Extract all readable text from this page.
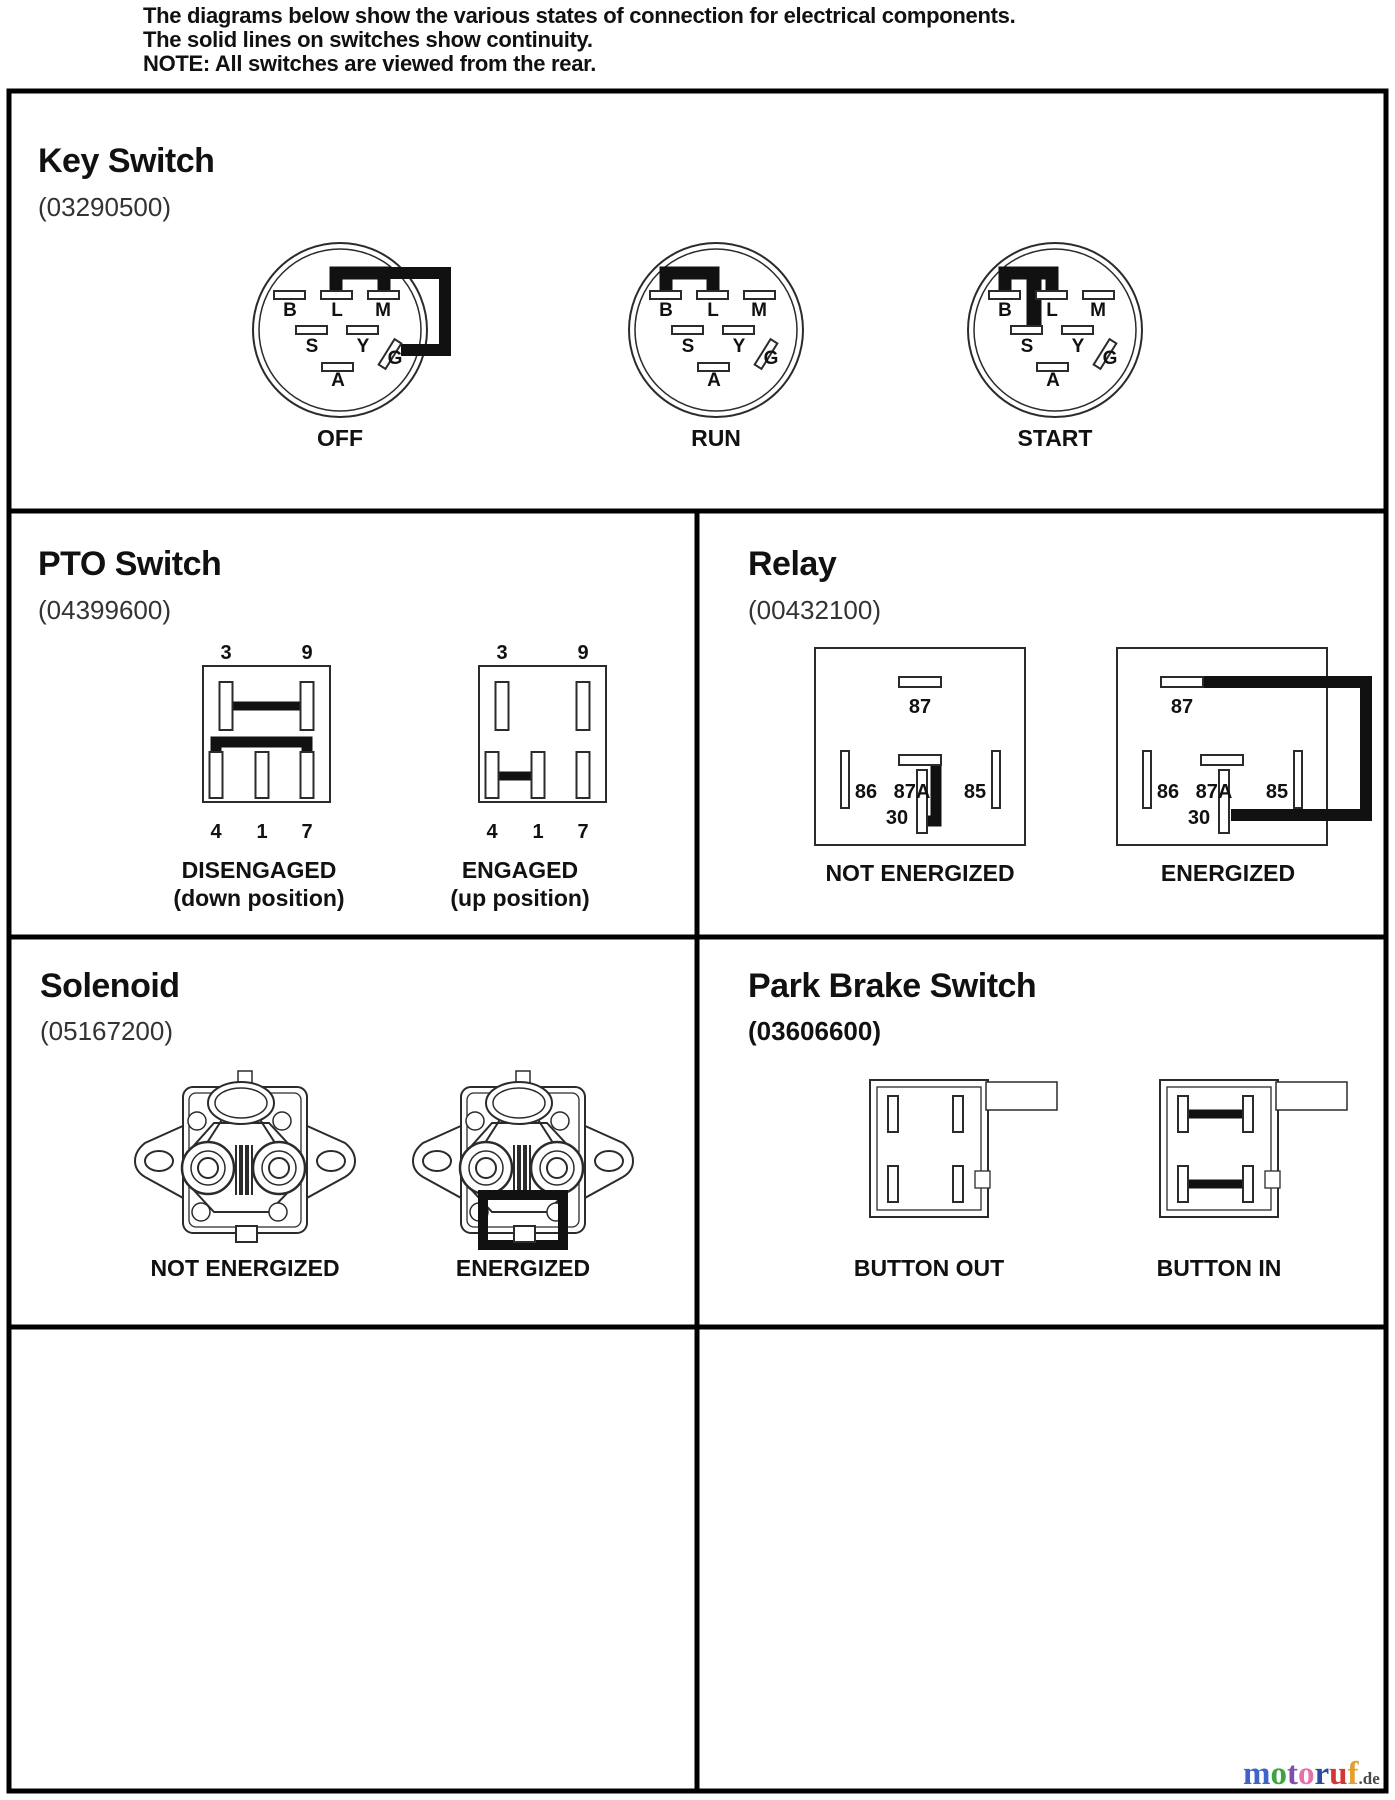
The diagrams below show the various states of connection for electrical components.
The solid lines on switches show continuity.
NOTE: All switches are viewed from the rear.
Key Switch
(03290500)
B L M
S Y
G
A
OFF
B L M
S Y
G
A
RUN
B L M
S Y
G
A
START
PTO Switch
(04399600)
3	9
4 1 7
DISENGAGED
(down position)
3	9
4 1 7
ENGAGED
(up position)
Relay
(00432100)
87
86 87A 85
30
NOT ENERGIZED
87
86 87A 85
30
ENERGIZED
Solenoid
(05167200)
NOT ENERGIZED	ENERGIZED
Park Brake Switch
(03606600)
BUTTON OUT	BUTTON IN
motoruf.de
